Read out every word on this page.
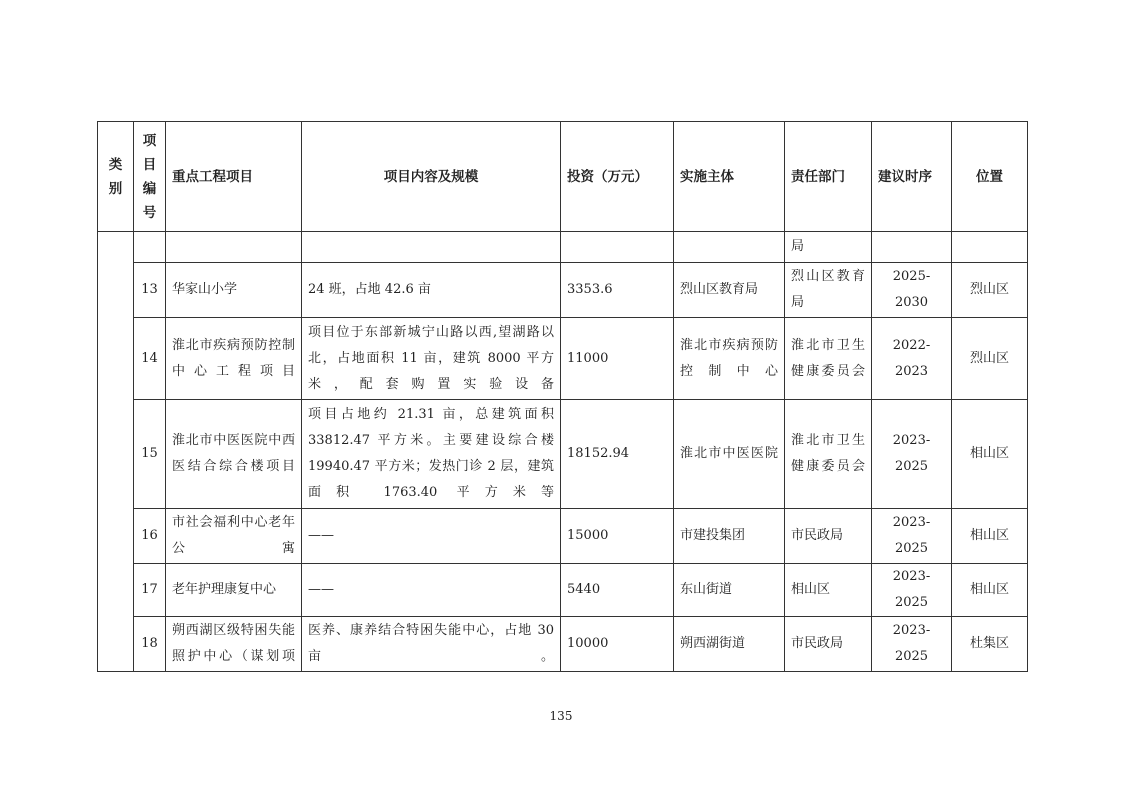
类
别	项
目
编
号	重点工程项目	项目内容及规模	投资（万元）	实施主体	责任部门	建议时序	位置
						局		
	13	华家山小学	24 班，占地 42.6 亩	3353.6	烈山区教育局	烈山区教育局	2025-2030	烈山区
	14	淮北市疾病预防控制中心工程项目	项目位于东部新城宁山路以西,望湖路以北，占地面积 11 亩，建筑 8000 平方米，配套购置实验设备	11000	淮北市疾病预防控制中心	淮北市卫生健康委员会	2022-2023	烈山区
	15	淮北市中医医院中西医结合综合楼项目	项目占地约 21.31 亩，总建筑面积 33812.47 平方米。主要建设综合楼 19940.47 平方米；发热门诊 2 层，建筑面积 1763.40 平方米等	18152.94	淮北市中医医院	淮北市卫生健康委员会	2023-2025	相山区
	16	市社会福利中心老年公寓	——	15000	市建投集团	市民政局	2023-2025	相山区
	17	老年护理康复中心	——	5440	东山街道	相山区	2023-2025	相山区
	18	朔西湖区级特困失能照护中心（谋划项	医养、康养结合特困失能中心，占地 30 亩。	10000	朔西湖街道	市民政局	2023-2025	杜集区
135
